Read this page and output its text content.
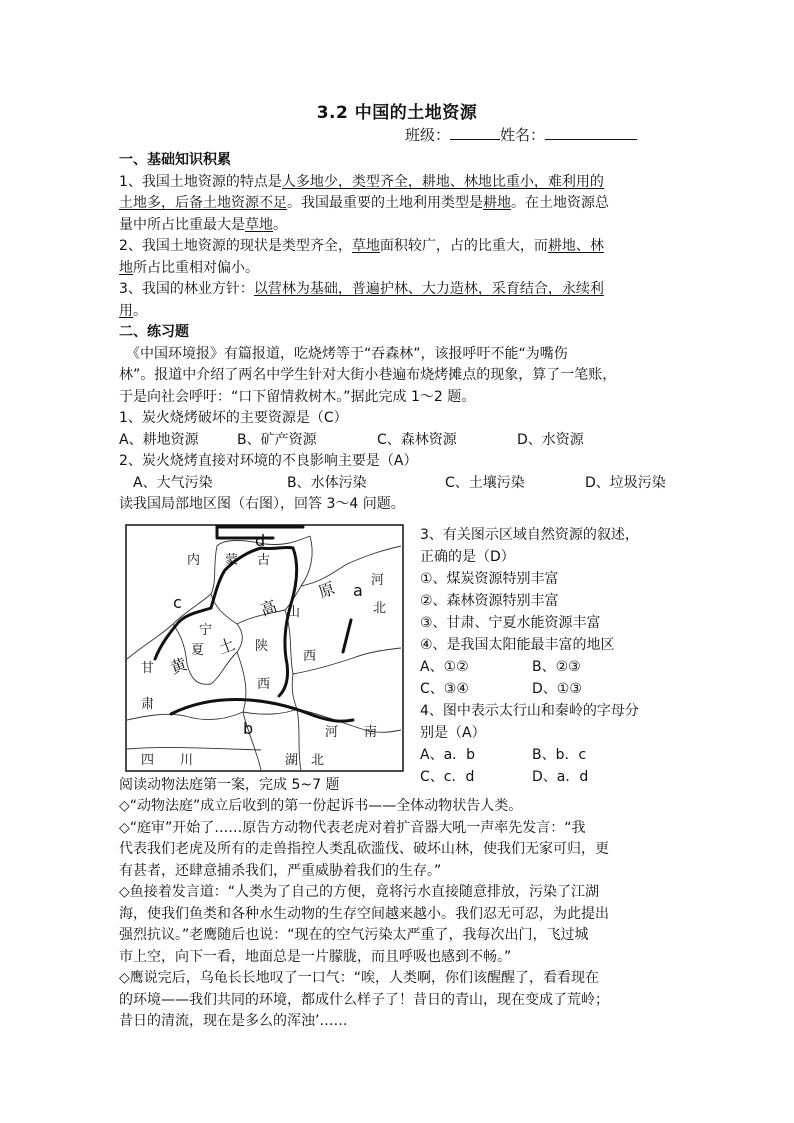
3.2 中国的土地资源
班级：	姓名：
一、基础知识积累
1、我国土地资源的特点是人多地少，类型齐全，耕地、林地比重小，难利用的
土地多，后备土地资源不足。我国最重要的土地利用类型是耕地。在土地资源总
量中所占比重最大是草地。
2、我国土地资源的现状是类型齐全，草地面积较广，占的比重大，而耕地、林
地所占比重相对偏小。
3、我国的林业方针：以营林为基础，普遍护林、大力造林，采育结合，永续利
用。
二、练习题
　《中国环境报》有篇报道，吃烧烤等于“吞森林”，该报呼吁不能“为嘴伤
林”。报道中介绍了两名中学生针对大街小巷遍布烧烤摊点的现象，算了一笔账，
于是向社会呼吁：“口下留情救树木。”据此完成 1～2 题。
1、炭火烧烤破坏的主要资源是（C）
A、耕地资源	B、矿产资源	C、森林资源	D、水资源
2、炭火烧烤直接对环境的不良影响主要是（A）
A、大气污染	B、水体污染	C、土壤污染	D、垃圾污染
读我国局部地区图（右图），回答 3～4 问题。
内 蒙 古
宁
夏	陕
西
西
山
河
北
甘
肃
河　　南
四　　川	湖　北
黄
土
高
原 a
b
c
d	3、有关图示区域自然资源的叙述，
正确的是（D）
①、煤炭资源特别丰富
②、森林资源特别丰富
③、甘肃、宁夏水能资源丰富
④、是我国太阳能最丰富的地区
A、①②	B、②③
C、③④	D、①③
4、图中表示太行山和秦岭的字母分
别是（A）
A、a．b	B、b．c
C、c．d	D、a．d
阅读动物法庭第一案，完成 5~7 题
◇“动物法庭”成立后收到的第一份起诉书——全体动物状告人类。
◇“庭审”开始了……原告方动物代表老虎对着扩音器大吼一声率先发言：“我
代表我们老虎及所有的走兽指控人类乱砍滥伐、破坏山林，使我们无家可归，更
有甚者，还肆意捕杀我们，严重威胁着我们的生存。”
◇鱼接着发言道：“人类为了自己的方便，竟将污水直接随意排放，污染了江湖
海，使我们鱼类和各种水生动物的生存空间越来越小。我们忍无可忍，为此提出
强烈抗议。”老鹰随后也说：“现在的空气污染太严重了，我每次出门，飞过城
市上空，向下一看，地面总是一片朦胧，而且呼吸也感到不畅。”
◇鹰说完后，乌龟长长地叹了一口气：“唉，人类啊，你们该醒醒了，看看现在
的环境——我们共同的环境，都成什么样子了！昔日的青山，现在变成了荒岭；
昔日的清流，现在是多么的浑浊’……
